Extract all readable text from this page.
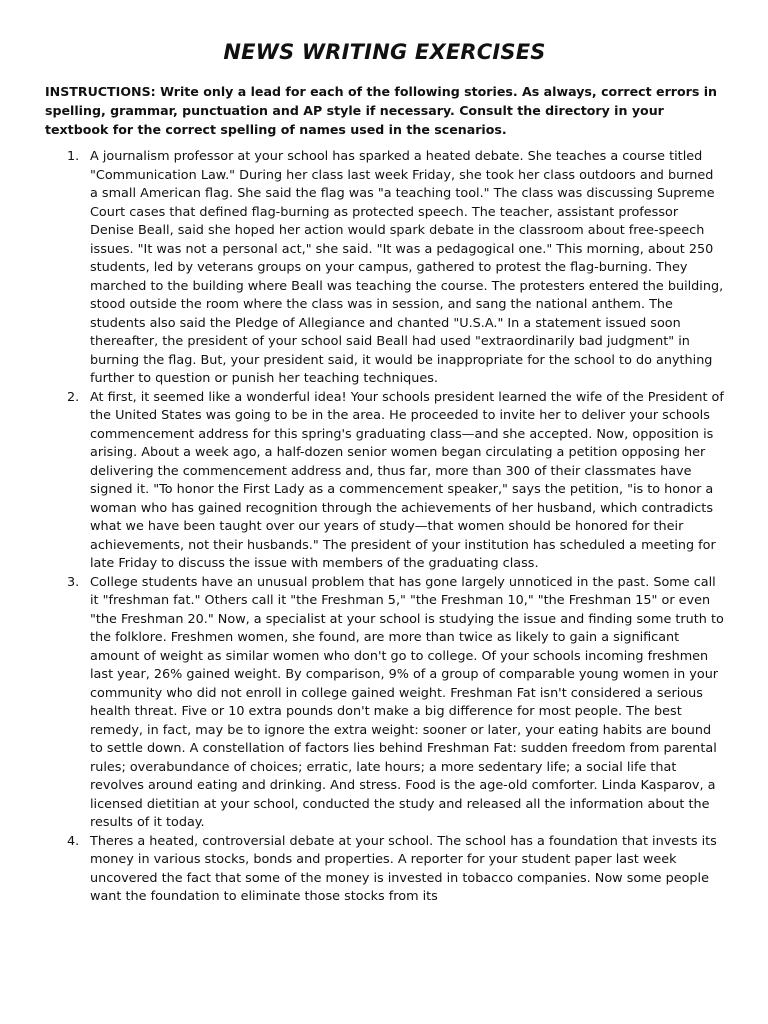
NEWS WRITING EXERCISES

INSTRUCTIONS: Write only a lead for each of the following stories. As always, correct errors in spelling, grammar, punctuation and AP style if necessary. Consult the directory in your textbook for the correct spelling of names used in the scenarios.

1. A journalism professor at your school has sparked a heated debate. She teaches a course titled "Communication Law." During her class last week Friday, she took her class outdoors and burned a small American flag. She said the flag was "a teaching tool." The class was discussing Supreme Court cases that defined flag-burning as protected speech. The teacher, assistant professor Denise Beall, said she hoped her action would spark debate in the classroom about free-speech issues. "It was not a personal act," she said. "It was a pedagogical one." This morning, about 250 students, led by veterans groups on your campus, gathered to protest the flag-burning. They marched to the building where Beall was teaching the course. The protesters entered the building, stood outside the room where the class was in session, and sang the national anthem. The students also said the Pledge of Allegiance and chanted "U.S.A." In a statement issued soon thereafter, the president of your school said Beall had used "extraordinarily bad judgment" in burning the flag. But, your president said, it would be inappropriate for the school to do anything further to question or punish her teaching techniques.

2. At first, it seemed like a wonderful idea! Your schools president learned the wife of the President of the United States was going to be in the area. He proceeded to invite her to deliver your schools commencement address for this spring's graduating class—and she accepted. Now, opposition is arising. About a week ago, a half-dozen senior women began circulating a petition opposing her delivering the commencement address and, thus far, more than 300 of their classmates have signed it. "To honor the First Lady as a commencement speaker," says the petition, "is to honor a woman who has gained recognition through the achievements of her husband, which contradicts what we have been taught over our years of study—that women should be honored for their achievements, not their husbands." The president of your institution has scheduled a meeting for late Friday to discuss the issue with members of the graduating class.

3. College students have an unusual problem that has gone largely unnoticed in the past. Some call it "freshman fat." Others call it "the Freshman 5," "the Freshman 10," "the Freshman 15" or even "the Freshman 20." Now, a specialist at your school is studying the issue and finding some truth to the folklore. Freshmen women, she found, are more than twice as likely to gain a significant amount of weight as similar women who don't go to college. Of your schools incoming freshmen last year, 26% gained weight. By comparison, 9% of a group of comparable young women in your community who did not enroll in college gained weight. Freshman Fat isn't considered a serious health threat. Five or 10 extra pounds don't make a big difference for most people. The best remedy, in fact, may be to ignore the extra weight: sooner or later, your eating habits are bound to settle down. A constellation of factors lies behind Freshman Fat: sudden freedom from parental rules; overabundance of choices; erratic, late hours; a more sedentary life; a social life that revolves around eating and drinking. And stress. Food is the age-old comforter. Linda Kasparov, a licensed dietitian at your school, conducted the study and released all the information about the results of it today.

4. Theres a heated, controversial debate at your school. The school has a foundation that invests its money in various stocks, bonds and properties. A reporter for your student paper last week uncovered the fact that some of the money is invested in tobacco companies. Now some people want the foundation to eliminate those stocks from its
